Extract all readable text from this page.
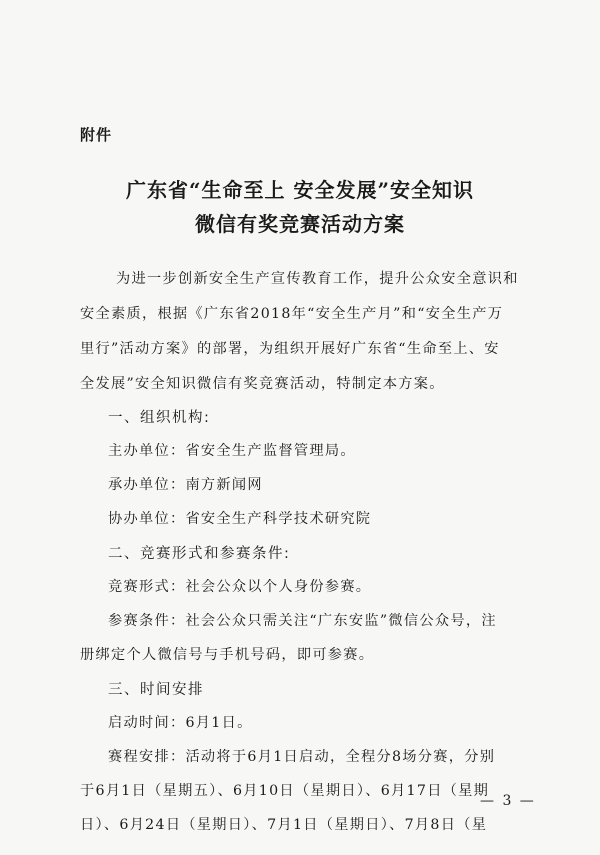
附件
广东省“生命至上 安全发展”安全知识
微信有奖竞赛活动方案
为进一步创新安全生产宣传教育工作，提升公众安全意识和
安全素质，根据《广东省2018年“安全生产月”和“安全生产万
里行”活动方案》的部署，为组织开展好广东省“生命至上、安
全发展”安全知识微信有奖竞赛活动，特制定本方案。
一、组织机构:
主办单位：省安全生产监督管理局。
承办单位：南方新闻网
协办单位：省安全生产科学技术研究院
二、竞赛形式和参赛条件:
竞赛形式：社会公众以个人身份参赛。
参赛条件：社会公众只需关注“广东安监”微信公众号，注
册绑定个人微信号与手机号码，即可参赛。
三、时间安排
启动时间：6月1日。
赛程安排：活动将于6月1日启动，全程分8场分赛，分别
于6月1日（星期五）、6月10日（星期日）、6月17日（星期
日）、6月24日（星期日）、7月1日（星期日）、7月8日（星
— 3 —
